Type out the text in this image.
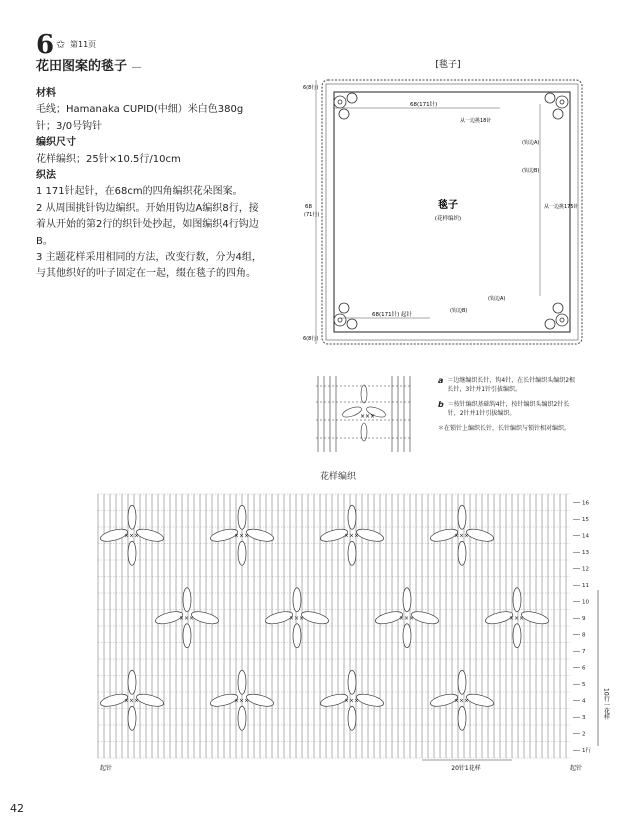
6 ✩ 第11页
花田图案的毯子 —

材料

毛线；Hamanaka CUPID(中细）米白色380g

针；3/0号钩针

编织尺寸

花样编织；25针×10.5行/10cm

织法

1 171针起针，在68cm的四角编织花朵图案。

2 从周围挑针钩边编织。开始用钩边A编织8行，接着从开始的第2行的织针处抄起，如图编织4行钩边B。

3 主题花样采用相同的方法，改变行数，分为4组，与其他织好的叶子固定在一起，缀在毯子的四角。

[毯子]
68(171针)
6(8行)
68
(71行)
6(8行)
68(171针) 起针
从一边挑18针
从一边挑175针
(钩边A)
(钩边B)
(钩边A)
(钩边B)
毯子
(花样编织)
×××
a ＝边继编织长针，钩4针，在长针编织头编织2根长针，3针并1针引拔编织。
b ＝按针编织基础钩4针，按针编织头编织2针长针，2针并1针引拔编织。
＊在锁针上编织长针，长针编织与锁针相对编织。
花样编织
×××	×××	×××	×××
×××	×××	×××	×××
×××	×××	×××	×××
16
15
14
13
12
11
10
9
8
7
6
5
4
3
2
1行
10行一花样
起针	20针1花样	起针
42
